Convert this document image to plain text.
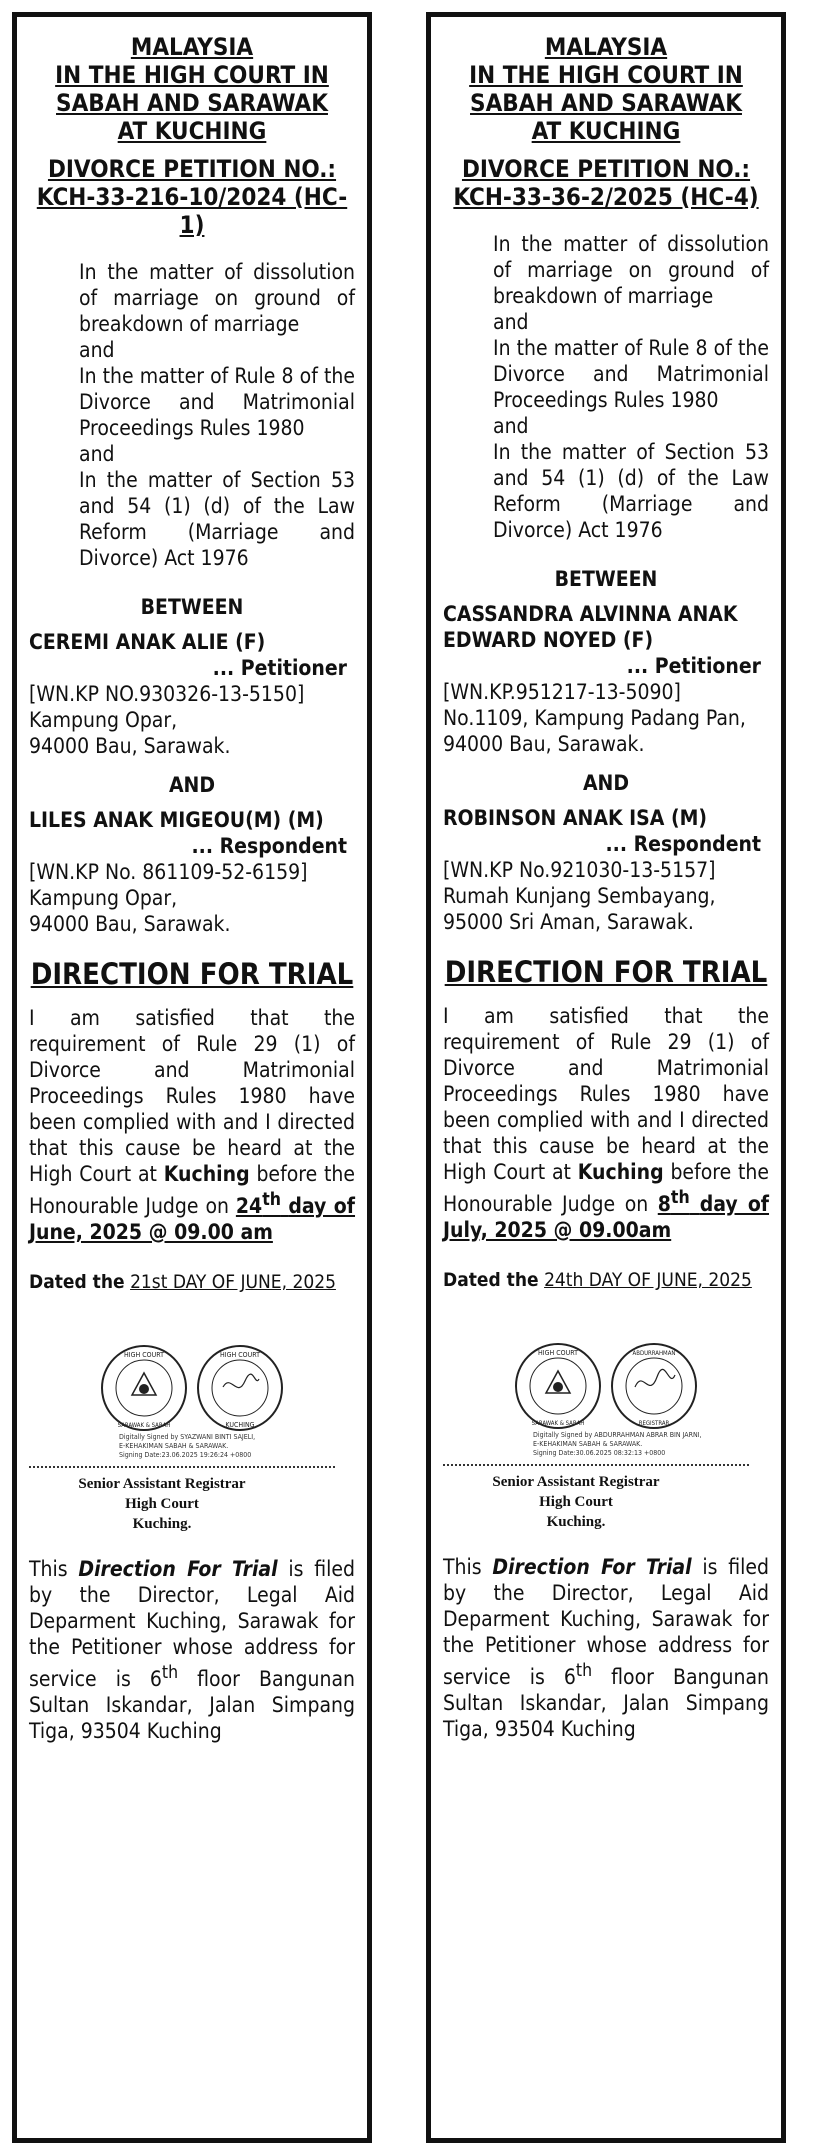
MALAYSIA

IN THE HIGH COURT IN

SABAH AND SARAWAK

AT KUCHING

DIVORCE PETITION NO.:

KCH-33-216-10/2024 (HC-1)

In the matter of dissolution of marriage on ground of breakdown of marriage

and

In the matter of Rule 8 of the Divorce and Matrimonial Proceedings Rules 1980

and

In the matter of Section 53 and 54 (1) (d) of the Law Reform (Marriage and Divorce) Act 1976

BETWEEN
CEREMI ANAK ALIE (F)
... Petitioner

[WN.KP NO.930326-13-5150]

Kampung Opar,

94000 Bau, Sarawak.

AND
LILES ANAK MIGEOU(M) (M)
... Respondent

[WN.KP No. 861109-52-6159]

Kampung Opar,

94000 Bau, Sarawak.

DIRECTION FOR TRIAL
I am satisfied that the requirement of Rule 29 (1) of Divorce and Matrimonial Proceedings Rules 1980 have been complied with and I directed that this cause be heard at the High Court at Kuching before the Honourable Judge on 24th day of June, 2025 @ 09.00 am
Dated the 21st DAY OF JUNE, 2025
HIGH COURT
SARAWAK & SABAH
HIGH COURT
KUCHING
Digitally Signed by SYAZWANI BINTI SAJELI,
E-KEHAKIMAN SABAH & SARAWAK.
Signing Date:23.06.2025 19:26:24 +0800
Senior Assistant Registrar
High Court
Kuching.
This Direction For Trial is filed by the Director, Legal Aid Deparment Kuching, Sarawak for the Petitioner whose address for service is 6th floor Bangunan Sultan Iskandar, Jalan Simpang Tiga, 93504 Kuching

MALAYSIA

IN THE HIGH COURT IN

SABAH AND SARAWAK

AT KUCHING

DIVORCE PETITION NO.:

KCH-33-36-2/2025 (HC-4)

In the matter of dissolution of marriage on ground of breakdown of marriage

and

In the matter of Rule 8 of the Divorce and Matrimonial Proceedings Rules 1980

and

In the matter of Section 53 and 54 (1) (d) of the Law Reform (Marriage and Divorce) Act 1976

BETWEEN
CASSANDRA ALVINNA ANAK EDWARD NOYED (F)
... Petitioner

[WN.KP.951217-13-5090]

No.1109, Kampung Padang Pan,

94000 Bau, Sarawak.

AND
ROBINSON ANAK ISA (M)
... Respondent

[WN.KP No.921030-13-5157]

Rumah Kunjang Sembayang,

95000 Sri Aman, Sarawak.

DIRECTION FOR TRIAL
I am satisfied that the requirement of Rule 29 (1) of Divorce and Matrimonial Proceedings Rules 1980 have been complied with and I directed that this cause be heard at the High Court at Kuching before the Honourable Judge on 8th day of July, 2025 @ 09.00am
Dated the 24th DAY OF JUNE, 2025
HIGH COURT
SARAWAK & SABAH
ABDURRAHMAN
REGISTRAR
Digitally Signed by ABDURRAHMAN ABRAR BIN JARNI,
E-KEHAKIMAN SABAH & SARAWAK.
Signing Date:30.06.2025 08:32:13 +0800
Senior Assistant Registrar
High Court
Kuching.
This Direction For Trial is filed by the Director, Legal Aid Deparment Kuching, Sarawak for the Petitioner whose address for service is 6th floor Bangunan Sultan Iskandar, Jalan Simpang Tiga, 93504 Kuching
